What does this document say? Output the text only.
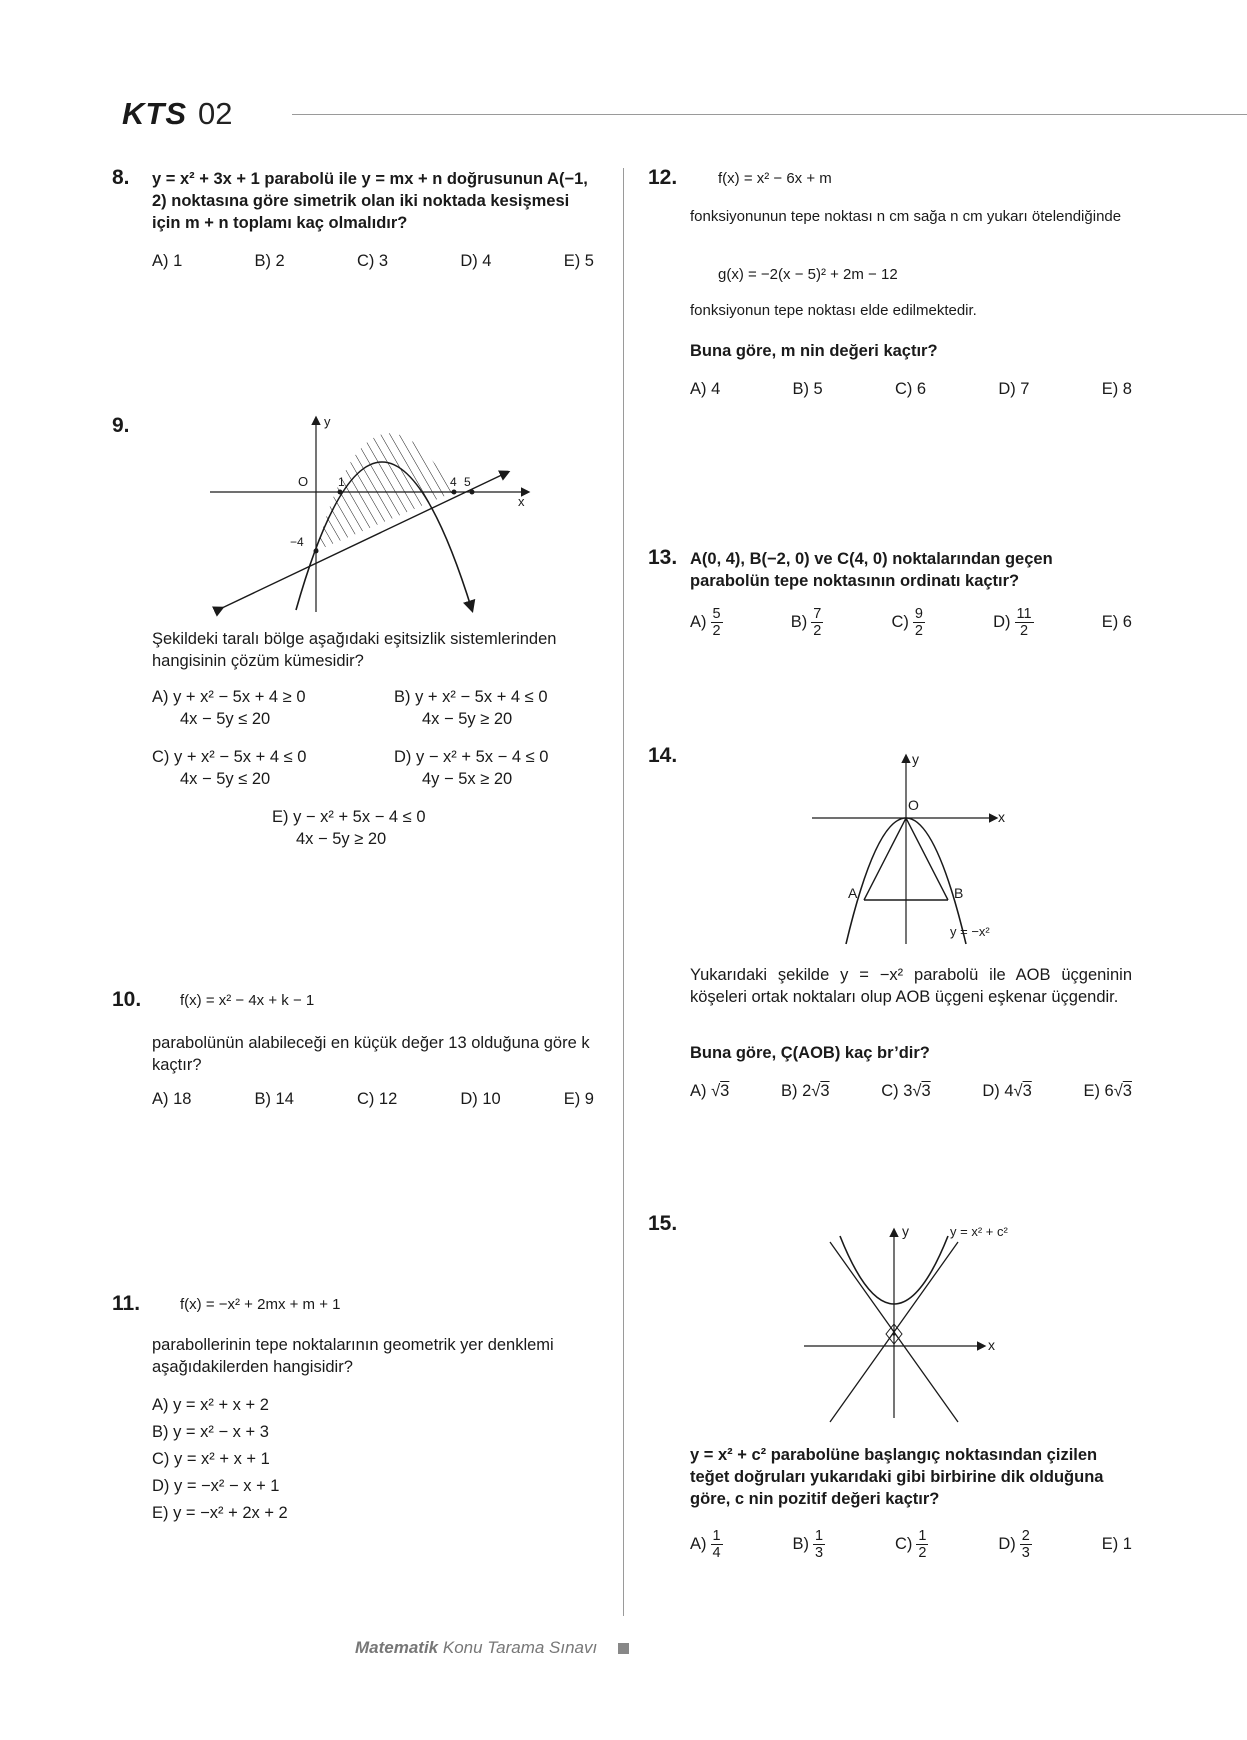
KTS 02
8. y = x² + 3x + 1 parabolü ile y = mx + n doğrusunun A(−1, 2) noktasına göre simetrik olan iki noktada kesişmesi için m + n toplamı kaç olmalıdır?
A) 1	B) 2	C) 3	D) 4	E) 5
9.	y
x
O 1	4 5
−4
Şekildeki taralı bölge aşağıdaki eşitsizlik sistemlerinden hangisinin çözüm kümesidir?
A) y + x² − 5x + 4 ≥ 0
4x − 5y ≤ 20
B) y + x² − 5x + 4 ≤ 0
4x − 5y ≥ 20
C) y + x² − 5x + 4 ≤ 0
4x − 5y ≤ 20
D) y − x² + 5x − 4 ≤ 0
4y − 5x ≥ 20
E) y − x² + 5x − 4 ≤ 0
4x − 5y ≥ 20
10.	f(x) = x² − 4x + k − 1
parabolünün alabileceği en küçük değer 13 olduğuna göre k kaçtır?
A) 18	B) 14	C) 12	D) 10	E) 9
11.	f(x) = −x² + 2mx + m + 1
parabollerinin tepe noktalarının geometrik yer denklemi aşağıdakilerden hangisidir?
A) y = x² + x + 2
B) y = x² − x + 3
C) y = x² + x + 1
D) y = −x² − x + 1
E) y = −x² + 2x + 2
12.	f(x) = x² − 6x + m
fonksiyonunun tepe noktası n cm sağa n cm yukarı ötelendiğinde
g(x) = −2(x − 5)² + 2m − 12
fonksiyonun tepe noktası elde edilmektedir.
Buna göre, m nin değeri kaçtır?
A) 4	B) 5	C) 6	D) 7	E) 8
13. A(0, 4), B(−2, 0) ve C(4, 0) noktalarından geçen parabolün tepe noktasının ordinatı kaçtır?
$A) \frac{5}{2}$	$B) \frac{7}{2}$	$C) \frac{9}{2}$	$D) \frac{11}{2}$	E) 6
14.	y
x
O
A	B
y = −x²
Yukarıdaki şekilde y = −x² parabolü ile AOB üçgeninin köşeleri ortak noktaları olup AOB üçgeni eşkenar üçgendir.
Buna göre, Ç(AOB) kaç br’dir?
A) √3	B) 2√3	C) 3√3	D) 4√3	E) 6√3
15.	y
x
y = x² + c²
y = x² + c² parabolüne başlangıç noktasından çizilen teğet doğruları yukarıdaki gibi birbirine dik olduğuna göre, c nin pozitif değeri kaçtır?
$A) \frac{1}{4}$	$B) \frac{1}{3}$	$C) \frac{1}{2}$	$D) \frac{2}{3}$	E) 1
Matematik Konu Tarama Sınavı
